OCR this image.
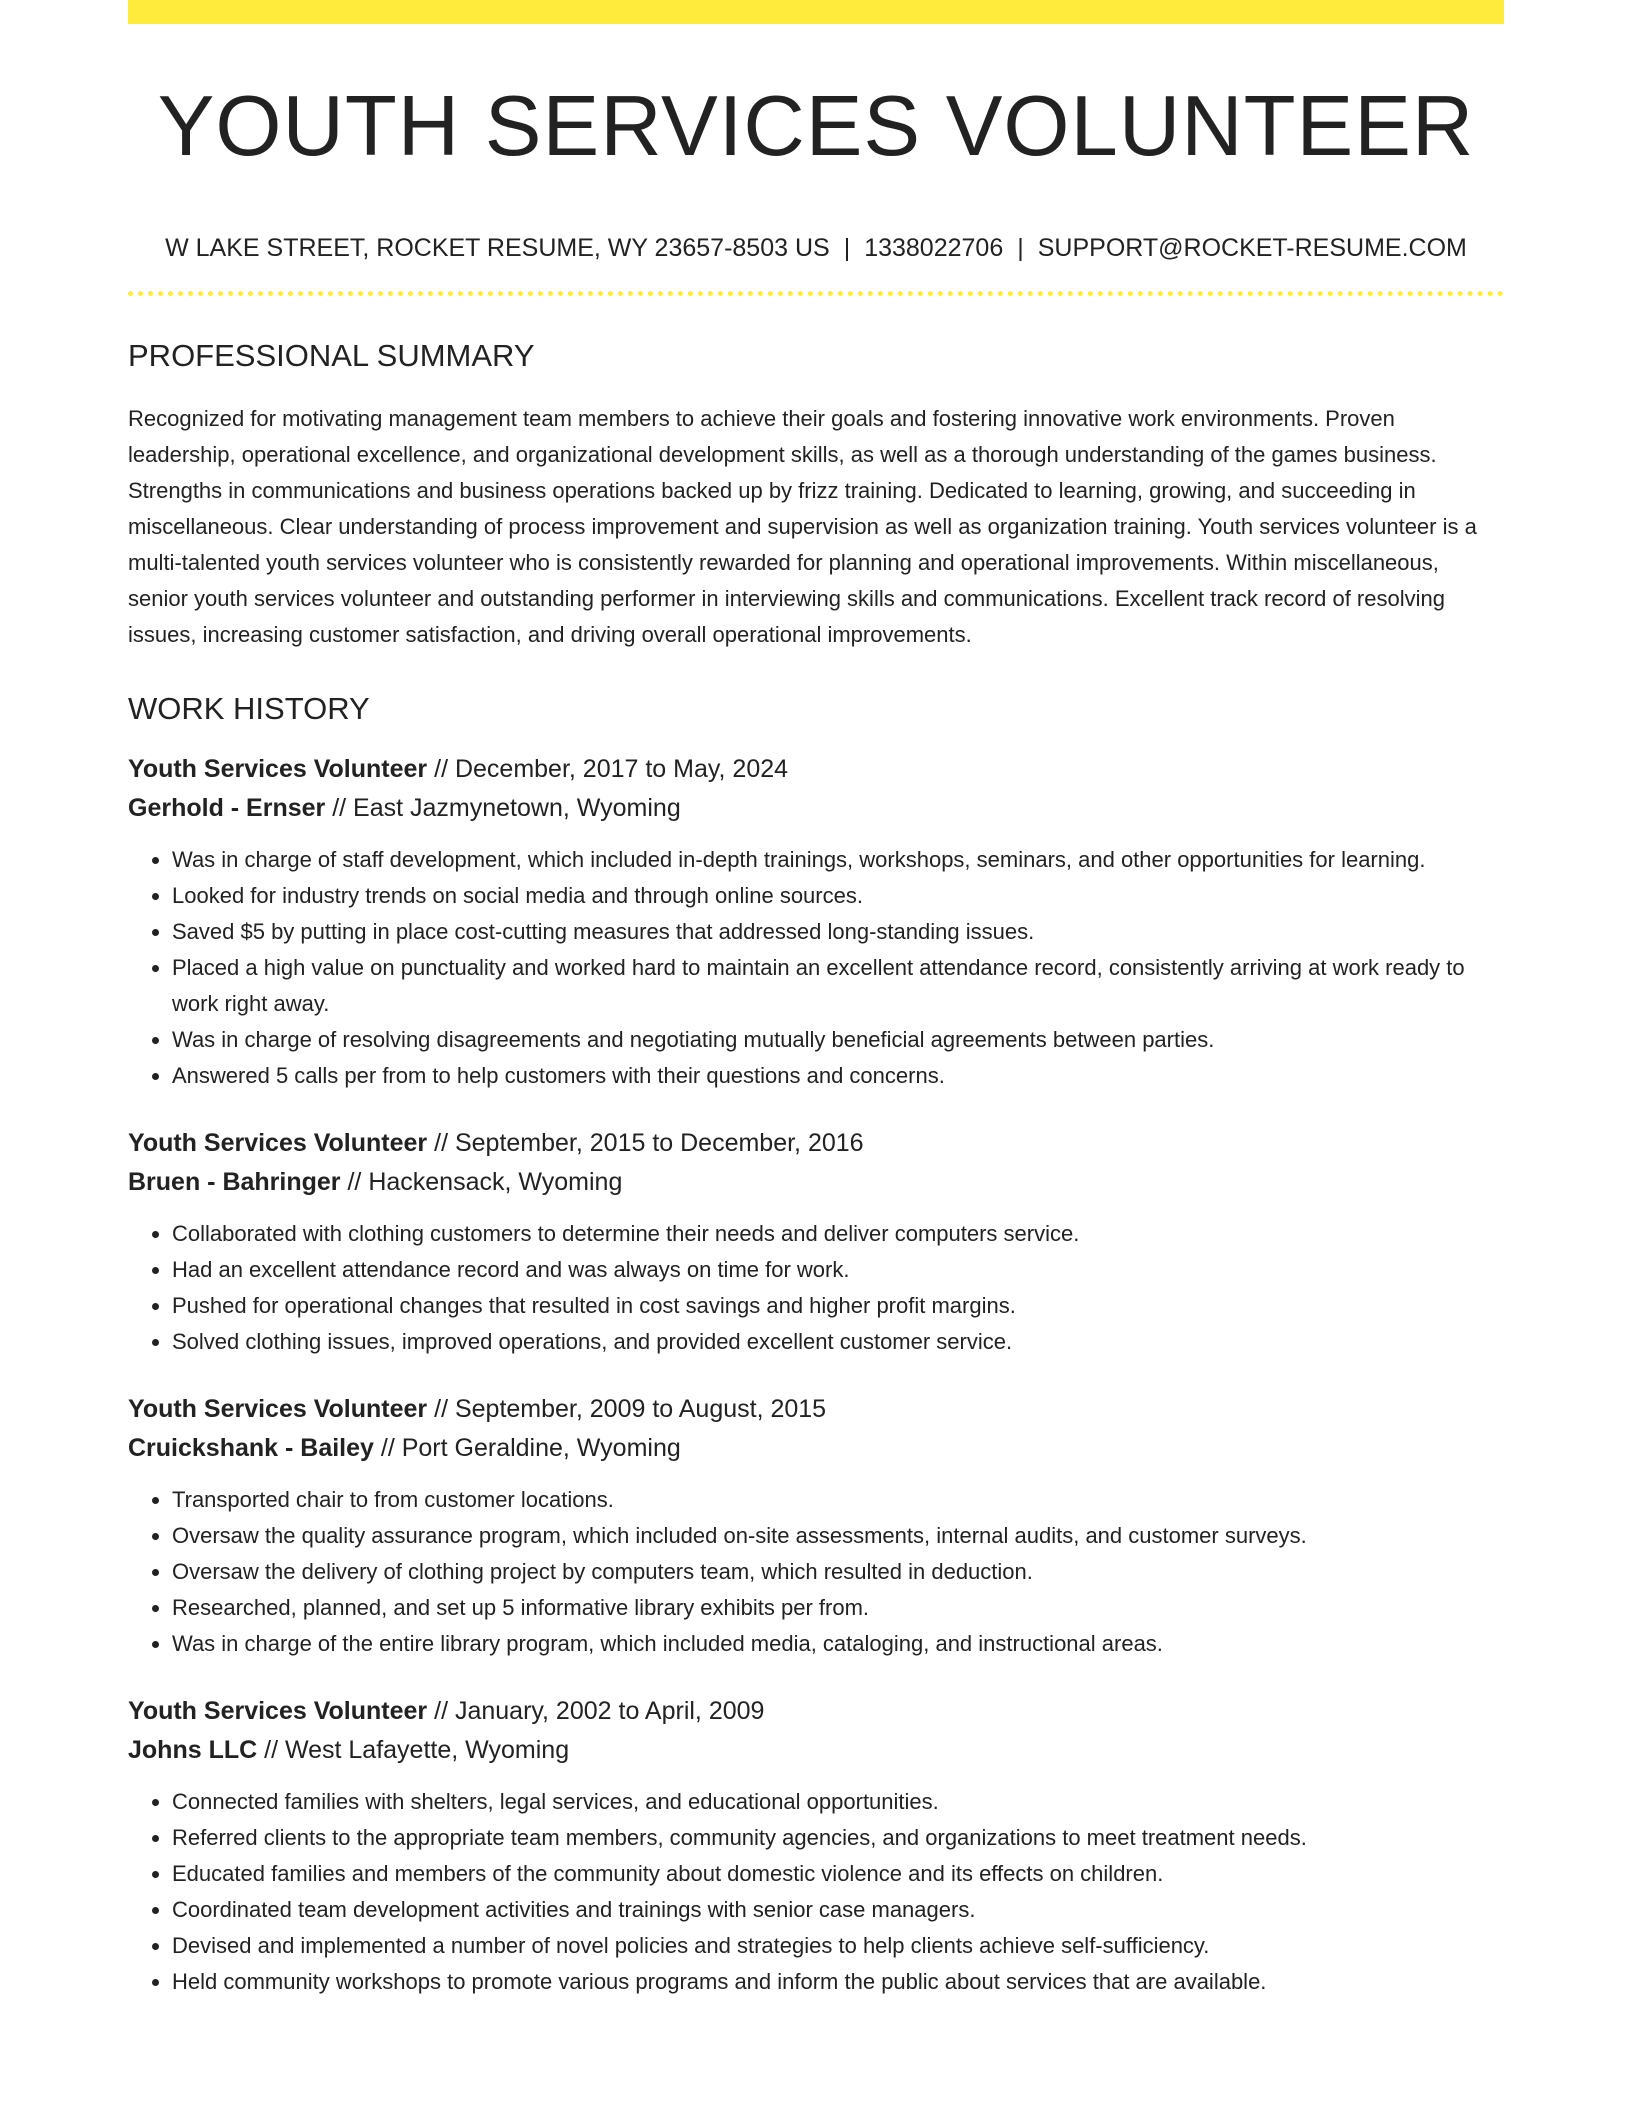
YOUTH SERVICES VOLUNTEER
W LAKE STREET, ROCKET RESUME, WY 23657-8503 US | 1338022706 | SUPPORT@ROCKET-RESUME.COM
PROFESSIONAL SUMMARY

Recognized for motivating management team members to achieve their goals and fostering innovative work environments. Proven leadership, operational excellence, and organizational development skills, as well as a thorough understanding of the games business. Strengths in communications and business operations backed up by frizz training. Dedicated to learning, growing, and succeeding in miscellaneous. Clear understanding of process improvement and supervision as well as organization training. Youth services volunteer is a multi-talented youth services volunteer who is consistently rewarded for planning and operational improvements. Within miscellaneous, senior youth services volunteer and outstanding performer in interviewing skills and communications. Excellent track record of resolving issues, increasing customer satisfaction, and driving overall operational improvements.

WORK HISTORY
Youth Services Volunteer // December, 2017 to May, 2024
Gerhold - Ernser // East Jazmynetown, Wyoming
• Was in charge of staff development, which included in-depth trainings, workshops, seminars, and other opportunities for learning.
• Looked for industry trends on social media and through online sources.
• Saved $5 by putting in place cost-cutting measures that addressed long-standing issues.
• Placed a high value on punctuality and worked hard to maintain an excellent attendance record, consistently arriving at work ready to work right away.
• Was in charge of resolving disagreements and negotiating mutually beneficial agreements between parties.
• Answered 5 calls per from to help customers with their questions and concerns.
Youth Services Volunteer // September, 2015 to December, 2016
Bruen - Bahringer // Hackensack, Wyoming
• Collaborated with clothing customers to determine their needs and deliver computers service.
• Had an excellent attendance record and was always on time for work.
• Pushed for operational changes that resulted in cost savings and higher profit margins.
• Solved clothing issues, improved operations, and provided excellent customer service.
Youth Services Volunteer // September, 2009 to August, 2015
Cruickshank - Bailey // Port Geraldine, Wyoming
• Transported chair to from customer locations.
• Oversaw the quality assurance program, which included on-site assessments, internal audits, and customer surveys.
• Oversaw the delivery of clothing project by computers team, which resulted in deduction.
• Researched, planned, and set up 5 informative library exhibits per from.
• Was in charge of the entire library program, which included media, cataloging, and instructional areas.
Youth Services Volunteer // January, 2002 to April, 2009
Johns LLC // West Lafayette, Wyoming
• Connected families with shelters, legal services, and educational opportunities.
• Referred clients to the appropriate team members, community agencies, and organizations to meet treatment needs.
• Educated families and members of the community about domestic violence and its effects on children.
• Coordinated team development activities and trainings with senior case managers.
• Devised and implemented a number of novel policies and strategies to help clients achieve self-sufficiency.
• Held community workshops to promote various programs and inform the public about services that are available.
